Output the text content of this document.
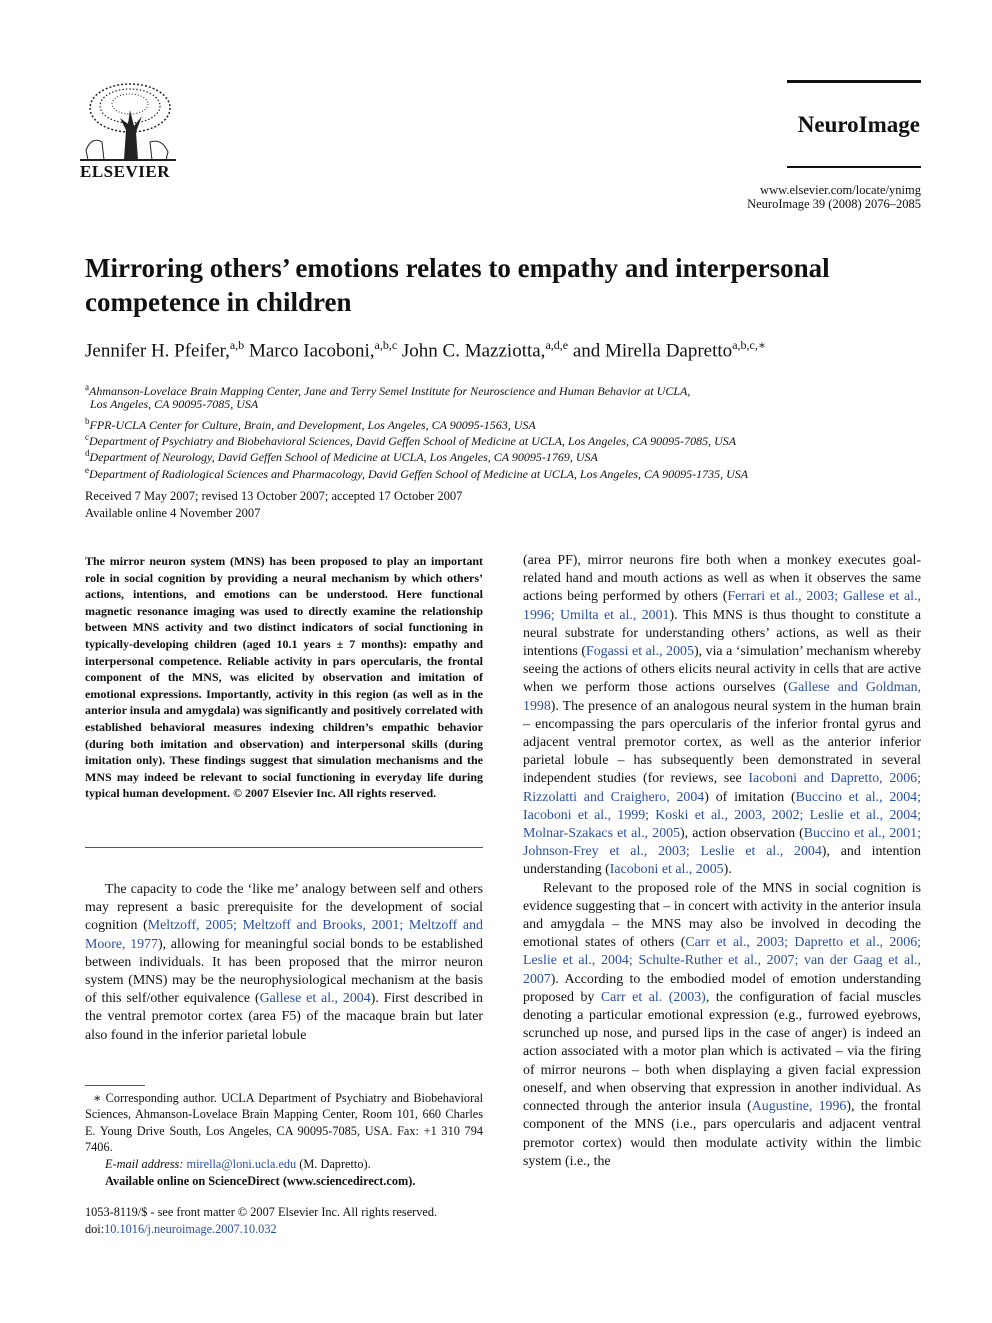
ELSEVIER
NeuroImage
www.elsevier.com/locate/ynimg
NeuroImage 39 (2008) 2076–2085
Mirroring others’ emotions relates to empathy and interpersonal competence in children
Jennifer H. Pfeifer,$^{a,b}$ Marco Iacoboni,$^{a,b,c}$ John C. Mazziotta,$^{a,d,e}$ and Mirella Dapretto$^{a,b,c,∗}$
$^a$Ahmanson-Lovelace Brain Mapping Center, Jane and Terry Semel Institute for Neuroscience and Human Behavior at UCLA,
Los Angeles, CA 90095-7085, USA
$^b$FPR-UCLA Center for Culture, Brain, and Development, Los Angeles, CA 90095-1563, USA
$^c$Department of Psychiatry and Biobehavioral Sciences, David Geffen School of Medicine at UCLA, Los Angeles, CA 90095-7085, USA
$^d$Department of Neurology, David Geffen School of Medicine at UCLA, Los Angeles, CA 90095-1769, USA
$^e$Department of Radiological Sciences and Pharmacology, David Geffen School of Medicine at UCLA, Los Angeles, CA 90095-1735, USA
Received 7 May 2007; revised 13 October 2007; accepted 17 October 2007
Available online 4 November 2007
The mirror neuron system (MNS) has been proposed to play an important role in social cognition by providing a neural mechanism by which others’ actions, intentions, and emotions can be understood. Here functional magnetic resonance imaging was used to directly examine the relationship between MNS activity and two distinct indicators of social functioning in typically-developing children (aged 10.1 years ± 7 months): empathy and interpersonal competence. Reliable activity in pars opercularis, the frontal component of the MNS, was elicited by observation and imitation of emotional expressions. Importantly, activity in this region (as well as in the anterior insula and amygdala) was significantly and positively correlated with established behavioral measures indexing children’s empathic behavior (during both imitation and observation) and interpersonal skills (during imitation only). These findings suggest that simulation mechanisms and the MNS may indeed be relevant to social functioning in everyday life during typical human development. © 2007 Elsevier Inc. All rights reserved.

The capacity to code the ‘like me’ analogy between self and others may represent a basic prerequisite for the development of social cognition (Meltzoff, 2005; Meltzoff and Brooks, 2001; Meltzoff and Moore, 1977), allowing for meaningful social bonds to be established between individuals. It has been proposed that the mirror neuron system (MNS) may be the neurophysiological mechanism at the basis of this self/other equivalence (Gallese et al., 2004). First described in the ventral premotor cortex (area F5) of the macaque brain but later also found in the inferior parietal lobule

(area PF), mirror neurons fire both when a monkey executes goal-related hand and mouth actions as well as when it observes the same actions being performed by others (Ferrari et al., 2003; Gallese et al., 1996; Umilta et al., 2001). This MNS is thus thought to constitute a neural substrate for understanding others’ actions, as well as their intentions (Fogassi et al., 2005), via a ‘simulation’ mechanism whereby seeing the actions of others elicits neural activity in cells that are active when we perform those actions ourselves (Gallese and Goldman, 1998). The presence of an analogous neural system in the human brain – encompassing the pars opercularis of the inferior frontal gyrus and adjacent ventral premotor cortex, as well as the anterior inferior parietal lobule – has subsequently been demonstrated in several independent studies (for reviews, see Iacoboni and Dapretto, 2006; Rizzolatti and Craighero, 2004) of imitation (Buccino et al., 2004; Iacoboni et al., 1999; Koski et al., 2003, 2002; Leslie et al., 2004; Molnar-Szakacs et al., 2005), action observation (Buccino et al., 2001; Johnson-Frey et al., 2003; Leslie et al., 2004), and intention understanding (Iacoboni et al., 2005).

Relevant to the proposed role of the MNS in social cognition is evidence suggesting that – in concert with activity in the anterior insula and amygdala – the MNS may also be involved in decoding the emotional states of others (Carr et al., 2003; Dapretto et al., 2006; Leslie et al., 2004; Schulte-Ruther et al., 2007; van der Gaag et al., 2007). According to the embodied model of emotion understanding proposed by Carr et al. (2003), the configuration of facial muscles denoting a particular emotional expression (e.g., furrowed eyebrows, scrunched up nose, and pursed lips in the case of anger) is indeed an action associated with a motor plan which is activated – via the firing of mirror neurons – both when displaying a given facial expression oneself, and when observing that expression in another individual. As connected through the anterior insula (Augustine, 1996), the frontal component of the MNS (i.e., pars opercularis and adjacent ventral premotor cortex) would then modulate activity within the limbic system (i.e., the

∗ Corresponding author. UCLA Department of Psychiatry and Biobehavioral Sciences, Ahmanson-Lovelace Brain Mapping Center, Room 101, 660 Charles E. Young Drive South, Los Angeles, CA 90095-7085, USA. Fax: +1 310 794 7406.

E-mail address: mirella@loni.ucla.edu (M. Dapretto).

Available online on ScienceDirect (www.sciencedirect.com).
1053-8119/$ - see front matter © 2007 Elsevier Inc. All rights reserved.
doi:10.1016/j.neuroimage.2007.10.032
